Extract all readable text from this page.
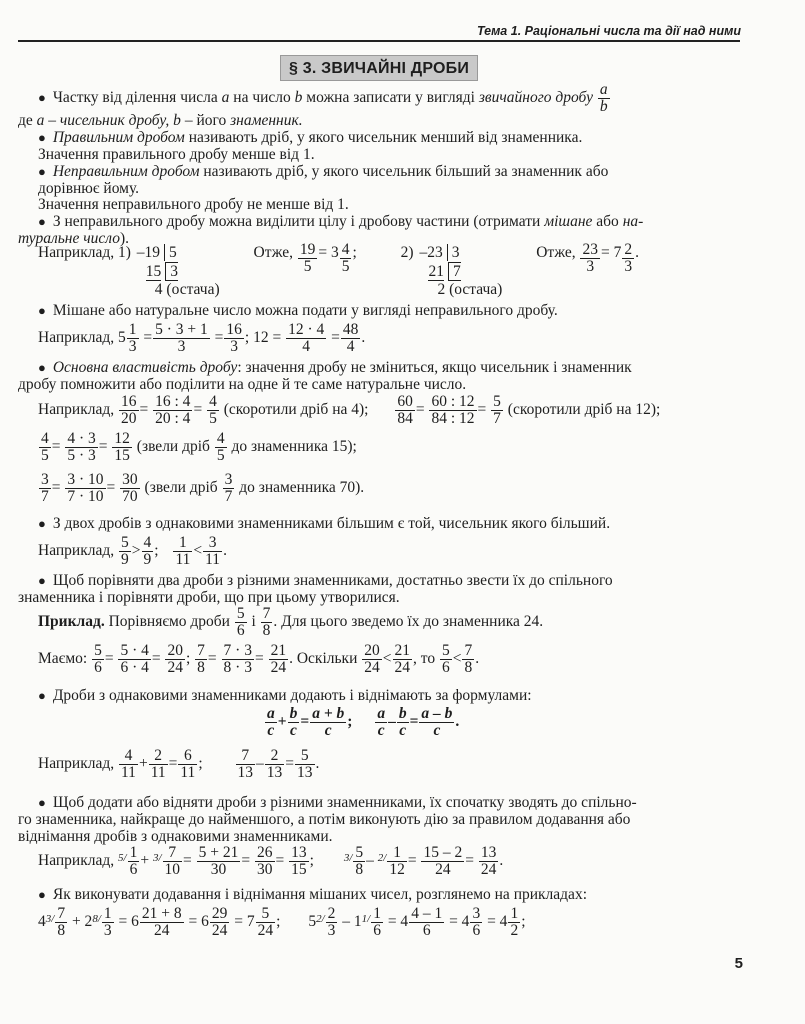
Тема 1. Раціональні числа та дії над ними
§ 3. ЗВИЧАЙНІ ДРОБИ
● Частку від ділення числа a на число b можна записати у вигляді звичайного дробу $\frac{a}{b}$
де a – чисельник дробу, b – його знаменник.
● Правильним дробом називають дріб, у якого чисельник менший від знаменника.
Значення правильного дробу менше від 1.
● Неправильним дробом називають дріб, у якого чисельник більший за знаменник або
дорівнює йому.
Значення неправильного дробу не менше від 1.
● З неправильного дробу можна виділити цілу і дробову частини (отримати мішане або на-
туральне число).
Наприклад, 1) –19 5
15 3
4 (остача)
Отже, $\frac{19}{5} = 3 \frac{4}{5}$ ;	2) –23 3
21 7
2 (остача)
Отже, $\frac{23}{3} = 7 \frac{2}{3}$ .
● Мішане або натуральне число можна подати у вигляді неправильного дробу.
Наприклад, $5 \frac{1}{3} = \frac{5 \cdot 3 + 1}{3} = \frac{16}{3}$ ; $12 = \frac{12 \cdot 4}{4} = \frac{48}{4}$ .
● Основна властивість дробу: значення дробу не зміниться, якщо чисельник і знаменник
дробу помножити або поділити на одне й те саме натуральне число.
Наприклад, $\frac{16}{20} = \frac{16 : 4}{20 : 4} = \frac{4}{5}$ (скоротили дріб на 4); $\frac{60}{84} = \frac{60 : 12}{84 : 12} = \frac{5}{7}$ (скоротили дріб на 12);
$\frac{4}{5} = \frac{4 \cdot 3}{5 \cdot 3} = \frac{12}{15}$ (звели дріб $\frac{4}{5}$ до знаменника 15);
$\frac{3}{7} = \frac{3 \cdot 10}{7 \cdot 10} = \frac{30}{70}$ (звели дріб $\frac{3}{7}$ до знаменника 70).
● З двох дробів з однаковими знаменниками більшим є той, чисельник якого більший.
Наприклад, $\frac{5}{9} > \frac{4}{9}$ ; $\frac{1}{11} < \frac{3}{11}$ .
● Щоб порівняти два дроби з різними знаменниками, достатньо звести їх до спільного
знаменника і порівняти дроби, що при цьому утворилися.
Приклад. Порівняємо дроби $\frac{5}{6}$ і $\frac{7}{8}$ . Для цього зведемо їх до знаменника 24.
Маємо: $\frac{5}{6} = \frac{5 \cdot 4}{6 \cdot 4} = \frac{20}{24}$ ; $\frac{7}{8} = \frac{7 \cdot 3}{8 \cdot 3} = \frac{21}{24}$ . Оскільки $\frac{20}{24} < \frac{21}{24}$ , то $\frac{5}{6} < \frac{7}{8}$ .
● Дроби з однаковими знаменниками додають і віднімають за формулами:
$\frac{a}{c} + \frac{b}{c} = \frac{a + b}{c}$ ; $\frac{a}{c} - \frac{b}{c} = \frac{a - b}{c}$ .
Наприклад, $\frac{4}{11} + \frac{2}{11} = \frac{6}{11}$ ; $\frac{7}{13} - \frac{2}{13} = \frac{5}{13}$ .
● Щоб додати або відняти дроби з різними знаменниками, їх спочатку зводять до спільно-
го знаменника, найкраще до найменшого, а потім виконують дію за правилом додавання або
віднімання дробів з однаковими знаменниками.
Наприклад, $^{5/} \frac{1}{6} + ^{3/} \frac{7}{10} = \frac{5 + 21}{30} = \frac{26}{30} = \frac{13}{15}$ ;	$^{3/} \frac{5}{8} - ^{2/} \frac{1}{12} = \frac{15 - 2}{24} = \frac{13}{24}$ .
● Як виконувати додавання і віднімання мішаних чисел, розглянемо на прикладах:
$4^{3/} \frac{7}{8} + 2^{8/} \frac{1}{3} = 6 \frac{21 + 8}{24} = 6 \frac{29}{24} = 7 \frac{5}{24}$ ; $5^{2/} \frac{2}{3} - 1^{1/} \frac{1}{6} = 4 \frac{4 - 1}{6} = 4 \frac{3}{6} = 4 \frac{1}{2}$ ;
5
